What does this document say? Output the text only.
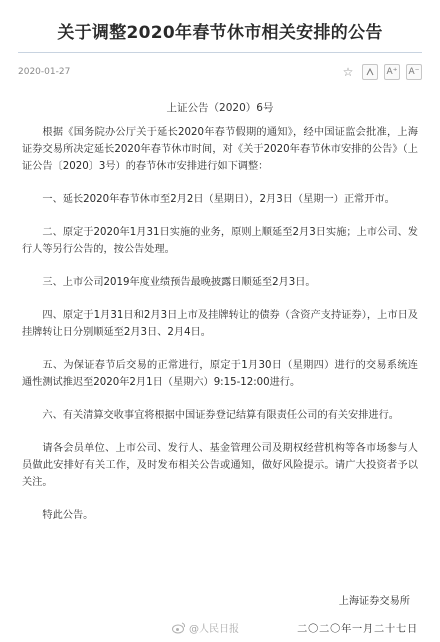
关于调整2020年春节休市相关安排的公告
2020-01-27	☆	A⁺ A⁻
上证公告（2020）6号

根据《国务院办公厅关于延长2020年春节假期的通知》，经中国证监会批准，上海证券交易所决定延长2020年春节休市时间，对《关于2020年春节休市安排的公告》（上证公告〔2020〕3号）的春节休市安排进行如下调整：

一、延长2020年春节休市至2月2日（星期日），2月3日（星期一）正常开市。

二、原定于2020年1月31日实施的业务，原则上顺延至2月3日实施；上市公司、发行人等另行公告的，按公告处理。

三、上市公司2019年度业绩预告最晚披露日顺延至2月3日。

四、原定于1月31日和2月3日上市及挂牌转让的债券（含资产支持证券），上市日及挂牌转让日分别顺延至2月3日、2月4日。

五、为保证春节后交易的正常进行，原定于1月30日（星期四）进行的交易系统连通性测试推迟至2020年2月1日（星期六）9:15-12:00进行。

六、有关清算交收事宜将根据中国证券登记结算有限责任公司的有关安排进行。

请各会员单位、上市公司、发行人、基金管理公司及期权经营机构等各市场参与人员做此安排好有关工作，及时发布相关公告或通知，做好风险提示。请广大投资者予以关注。

特此公告。

上海证券交易所
@人民日报	二〇二〇年一月二十七日
